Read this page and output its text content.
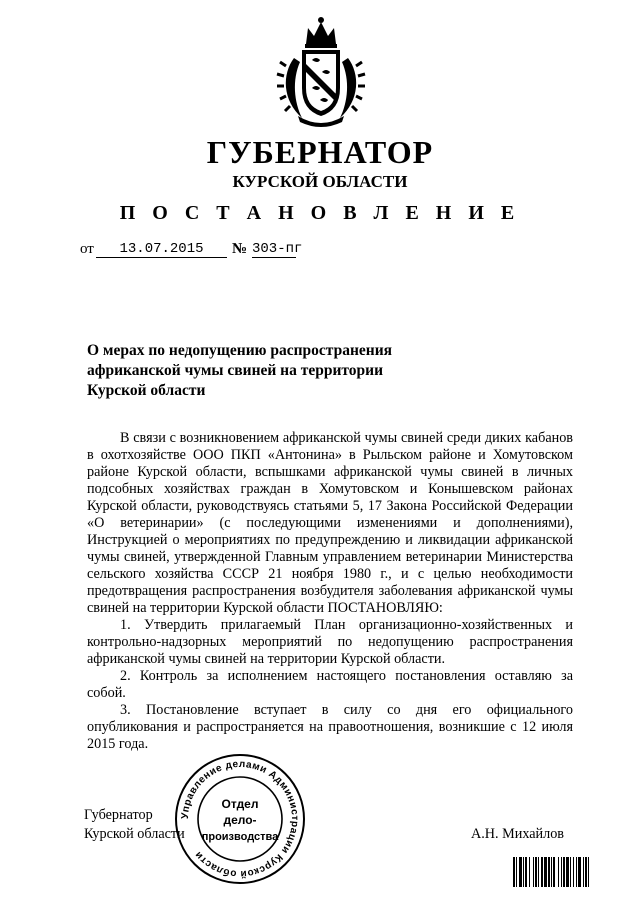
ГУБЕРНАТОР
КУРСКОЙ ОБЛАСТИ
П О С Т А Н О В Л Е Н И Е
от	13.07.2015	№ 303-пг
О мерах по недопущению распространения
африканской чумы свиней на территории
Курской области

В связи с возникновением африканской чумы свиней среди диких кабанов в охотхозяйстве ООО ПКП «Антонина» в Рыльском районе и Хомутовском районе Курской области, вспышками африканской чумы свиней в личных подсобных хозяйствах граждан в Хомутовском и Конышевском районах Курской области, руководствуясь статьями 5, 17 Закона Российской Федерации «О ветеринарии» (с последующими изменениями и дополнениями), Инструкцией о мероприятиях по предупреждению и ликвидации африканской чумы свиней, утвержденной Главным управлением ветеринарии Министерства сельского хозяйства СССР 21 ноября 1980 г., и с целью необходимости предотвращения распространения возбудителя заболевания африканской чумы свиней на территории Курской области ПОСТАНОВЛЯЮ:

1. Утвердить прилагаемый План организационно-хозяйственных и контрольно-надзорных мероприятий по недопущению распространения африканской чумы свиней на территории Курской области.

2. Контроль за исполнением настоящего постановления оставляю за собой.

3. Постановление вступает в силу со дня его официального опубликования и распространяется на правоотношения, возникшие с 12 июля 2015 года.

Губернатор
Курской области	А.Н. Михайлов
Управление делами Администрации Курской области
Отдел
дело-
производства
